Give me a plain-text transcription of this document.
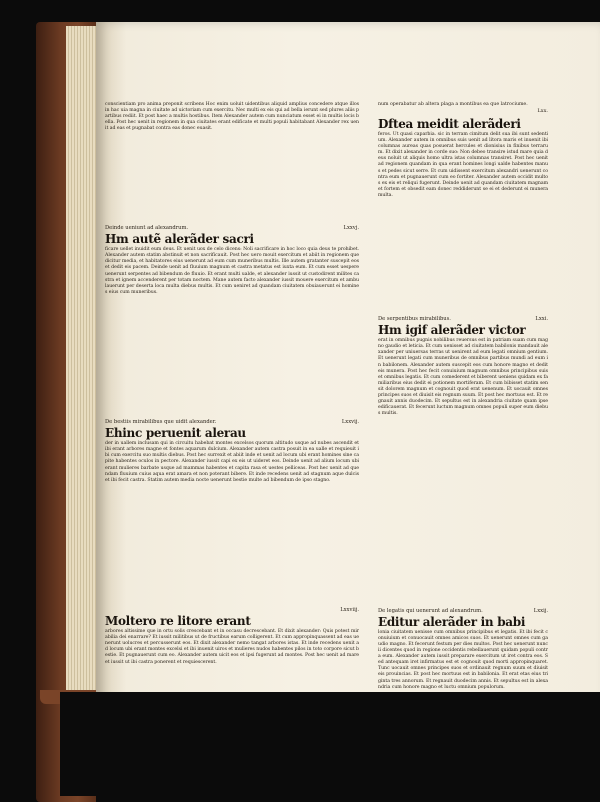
conscientiam pro anima preponit scribens Hoc enim uoluit uidentibus aliquid amplius concedere atque illos in hac uia magna in ciuitate ad uictoriam cum exercitu. Nec multi ex eis qui ad bella ierunt sed plures aliis partibus rediit. Et post haec a multis hostibus. Item Alexander autem cum nunciatum esset ei in multis locis bella. Post hec uenit in regionem in qua ciuitates erant edificate et multi populi habitabant Alexander rex uenit ad eas et pugnabat contra eas donec euasit.
Deinde ueniunt ad alexandrum.	Lxxvj.
Hm autẽ alerãder sacri
ficare uellet inuidit eum deus. Et uenit uox de celo dicens: Noli sacrificare in hoc loco quia deus te prohibet. Alexander autem statim abstinuit et non sacrificauit. Post hec uero mouit exercitum et abiit in regionem que dicitur media, et habitatores eius uenerunt ad eum cum muneribus multis. Ille autem gratanter suscepit eos et dedit eis pacem. Deinde uenit ad fluuium magnum et castra metatus est iuxta eum. Et cum esset uespere uenerunt serpentes ad bibendum de fluuio. Et erant multi ualde, et alexander iussit ut custodirent milites castra et ignem accenderent per totam noctem. Mane autem facto alexander iussit mouere exercitum et ambulauerunt per deserta loca multa diebus multis. Et cum ueniret ad quandam ciuitatem obuiauerunt ei homines eius cum muneribus.
De bestiis mirabilibus que uidit alexander.	Lxxvij.
Ehinc peruenit alerau
der in uallem inclusam qui in circuitu habebat montes excelsos quorum altitudo usque ad nubes ascendit et ibi erant arbores magne et fontes aquarum dulcium. Alexander autem castra posuit in ea ualle et requieuit ibi cum exercitu suo multis diebus. Post hec surrexit et abiit inde et uenit ad locum ubi erant homines sine capite habentes oculos in pectore. Alexander iussit capi ex eis ut uideret eos. Deinde uenit ad alium locum ubi erant mulieres barbate usque ad mammas habentes et capita rasa et uestes pelliceas. Post hec uenit ad quendam fluuium cuius aqua erat amara et non poterant bibere. Et inde recedens uenit ad stagnum aque dulcis et ibi fecit castra. Statim autem media nocte uenerunt bestie multe ad bibendum de ipso stagno.
Lxxviij.
Moltero re litore erant
arbores altissime que in ortu solis crescebant et in occasu decrescebant. Et dixit alexander: Quis potest mirabilia dei enarrare? Et iussit militibus ut de fructibus earum colligerent. Et cum appropinquassent ad eas uenerunt uolucres et percusserunt eos. Et dixit alexander nemo tangat arbores istas. Et inde recedens uenit ad locum ubi erant montes excelsi et ibi inuenit uiros et mulieres nudos habentes pilos in toto corpore sicut bestie. Et pugnauerunt cum eo. Alexander autem uicit eos et ipsi fugerunt ad montes. Post hec uenit ad mare et iussit ut ibi castra ponerent et requiescerent.
num operabatur ab altera plaga a montibus ea que latrociume.
Lxx.
Dftea meidit alerãderi
feros. Ut quasi caparbia. sic in terram cimitum delit sua ibi sunt sedentium. Alexander autem in omnibus suis uenit ad litora maris et inuenit ibi columnas aureas quas posuerat hercules et dionisius in finibus terrarum. Et dixit alexander in corde suo: Non debeo transire istud mare quia deus noluit ut aliquis homo ultra istas columnas transiret. Post hec uenit ad regionem quandam in qua erant homines longi ualde habentes manus et pedes sicut serre. Et cum uidissent exercitum alexandri uenerunt contra eum et pugnauerunt cum eo fortiter. Alexander autem occidit multos ex eis et reliqui fugerunt. Deinde uenit ad quandam ciuitatem magnam et fortem et obsedit eam donec reddiderunt se ei et dederunt ei munera multa.
De serpentibus mirabilibus.	Lxxi.
Hm igif alerãder victor
erat in omnibus pugnis nobilibus reuersus est in patriam suam cum magno gaudio et leticia. Et cum uenisset ad ciuitatem babilonis mandauit alexander per uniuersas terras ut uenirent ad eum legati omnium gentium. Et uenerunt legati cum muneribus de omnibus partibus mundi ad eum in babilonem. Alexander autem suscepit eos cum honore magno et dedit eis munera. Post hec fecit conuiuium magnum omnibus principibus suis et omnibus legatis. Et cum comederent et biberent ueniens quidam ex familiaribus eius dedit ei potionem mortiferam. Et cum bibisset statim sensit dolorem magnum et cognouit quod erat uenenum. Et uocauit omnes principes suos et diuisit eis regnum suum. Et post hec mortuus est. Et regnauit annis duodecim. Et sepultus est in alexandria ciuitate quam ipse edificauerat. Et fecerunt luctum magnum omnes populi super eum diebus multis.
De legatis qui uenerunt ad alexandrum.	Lxxij.
Editur alerãder in babi
lonia ciuitatem uenisse cum omnibus principibus et legatis. Et ibi fecit conuiuium et conuocauit omnes amicos suos. Et uenerunt omnes cum gaudio magno. Et fecerunt festum per dies multos. Post hec uenerunt nuncii dicentes quod in regione occidentis rebellauerunt quidam populi contra eum. Alexander autem iussit preparare exercitum ut iret contra eos. Sed antequam iret infirmatus est et cognouit quod morti appropinquaret. Tunc uocauit omnes principes suos et ordinauit regnum suum et diuisit eis prouincias. Et post hec mortuus est in babilonia. Et erat etas eius triginta tres annorum. Et regnauit duodecim annis. Et sepultus est in alexandria cum honore magno et luctu omnium populorum.
